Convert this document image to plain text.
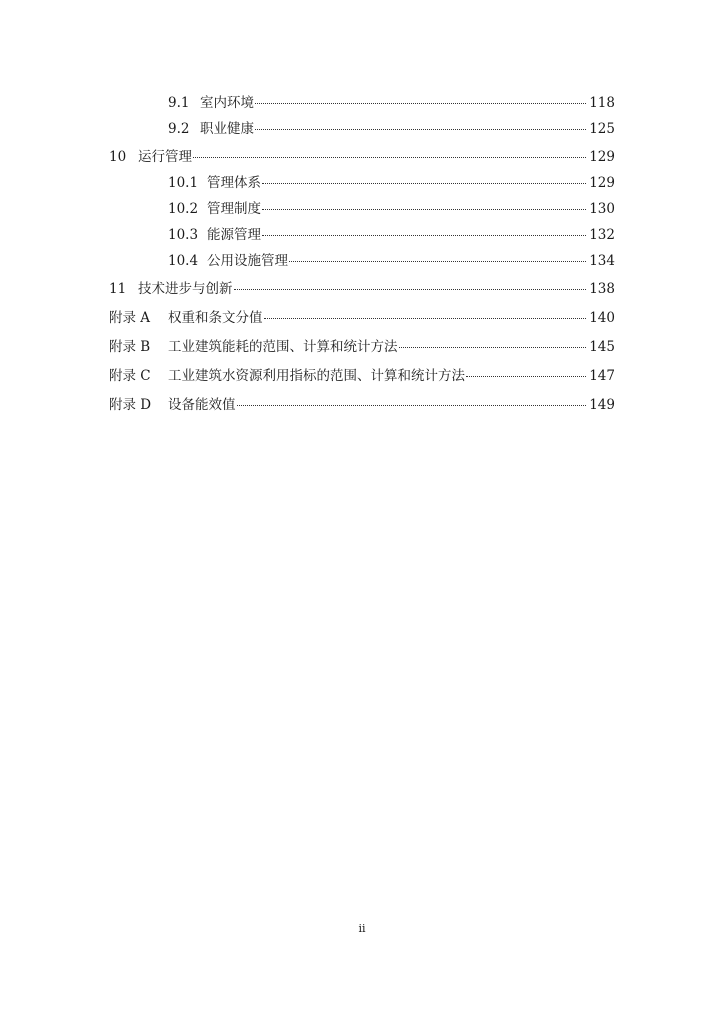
9.1 室内环境	118
9.2 职业健康	125
10 运行管理	129
10.1 管理体系	129
10.2 管理制度	130
10.3 能源管理	132
10.4 公用设施管理	134
11 技术进步与创新	138
附录 A	权重和条文分值	140
附录 B	工业建筑能耗的范围、计算和统计方法	145
附录 C	工业建筑水资源利用指标的范围、计算和统计方法	147
附录 D	设备能效值	149
ii
